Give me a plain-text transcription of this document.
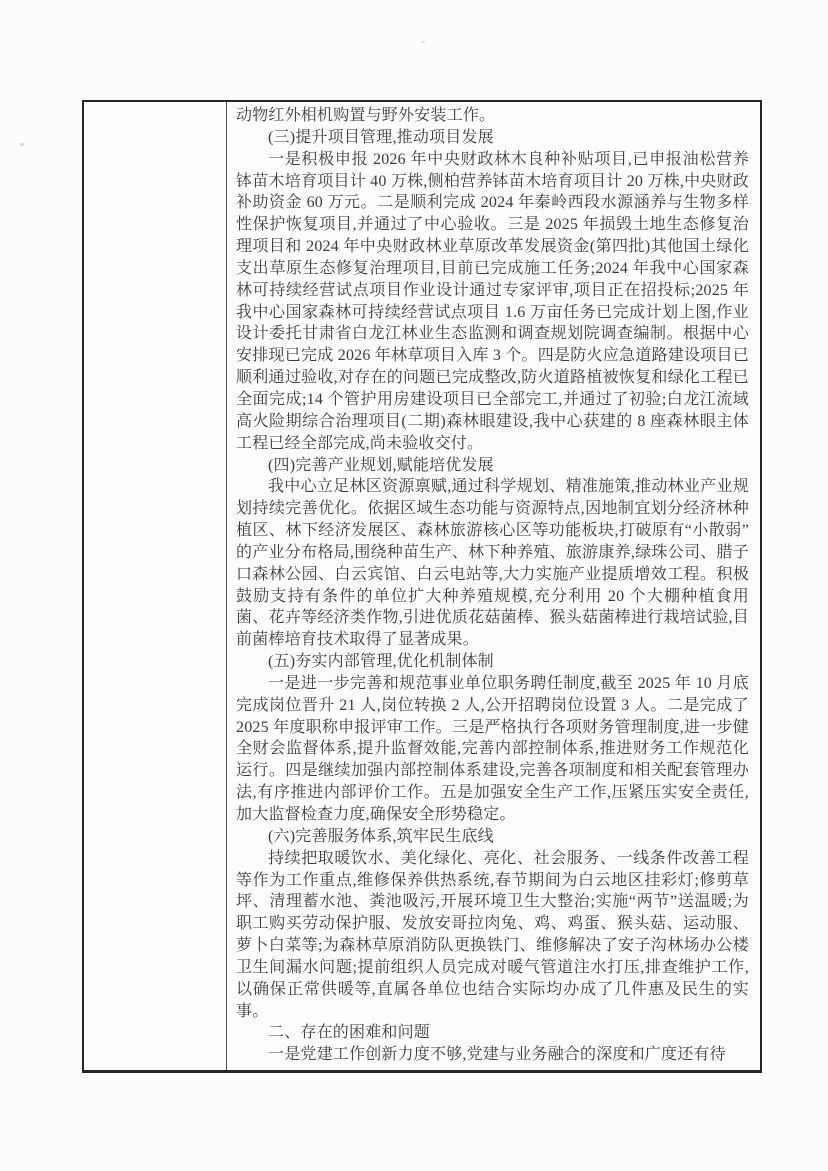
动物红外相机购置与野外安装工作。

(三)提升项目管理,推动项目发展

一是积极申报 2026 年中央财政林木良种补贴项目,已申报油松营养钵苗木培育项目计 40 万株,侧柏营养钵苗木培育项目计 20 万株,中央财政补助资金 60 万元。二是顺利完成 2024 年秦岭西段水源涵养与生物多样性保护恢复项目,并通过了中心验收。三是 2025 年损毁土地生态修复治理项目和 2024 年中央财政林业草原改革发展资金(第四批)其他国土绿化支出草原生态修复治理项目,目前已完成施工任务;2024 年我中心国家森林可持续经营试点项目作业设计通过专家评审,项目正在招投标;2025 年我中心国家森林可持续经营试点项目 1.6 万亩任务已完成计划上图,作业设计委托甘肃省白龙江林业生态监测和调查规划院调查编制。根据中心安排现已完成 2026 年林草项目入库 3 个。四是防火应急道路建设项目已顺利通过验收,对存在的问题已完成整改,防火道路植被恢复和绿化工程已全面完成;14 个管护用房建设项目已全部完工,并通过了初验;白龙江流域高火险期综合治理项目(二期)森林眼建设,我中心获建的 8 座森林眼主体工程已经全部完成,尚未验收交付。

(四)完善产业规划,赋能培优发展

我中心立足林区资源禀赋,通过科学规划、精准施策,推动林业产业规划持续完善优化。依据区域生态功能与资源特点,因地制宜划分经济林种植区、林下经济发展区、森林旅游核心区等功能板块,打破原有“小散弱”的产业分布格局,围绕种苗生产、林下种养殖、旅游康养,绿珠公司、腊子口森林公园、白云宾馆、白云电站等,大力实施产业提质增效工程。积极鼓励支持有条件的单位扩大种养殖规模,充分利用 20 个大棚种植食用菌、花卉等经济类作物,引进优质花菇菌棒、猴头菇菌棒进行栽培试验,目前菌棒培育技术取得了显著成果。

(五)夯实内部管理,优化机制体制

一是进一步完善和规范事业单位职务聘任制度,截至 2025 年 10 月底完成岗位晋升 21 人,岗位转换 2 人,公开招聘岗位设置 3 人。二是完成了 2025 年度职称申报评审工作。三是严格执行各项财务管理制度,进一步健全财会监督体系,提升监督效能,完善内部控制体系,推进财务工作规范化运行。四是继续加强内部控制体系建设,完善各项制度和相关配套管理办法,有序推进内部评价工作。五是加强安全生产工作,压紧压实安全责任,加大监督检查力度,确保安全形势稳定。

(六)完善服务体系,筑牢民生底线

持续把取暖饮水、美化绿化、亮化、社会服务、一线条件改善工程等作为工作重点,维修保养供热系统,春节期间为白云地区挂彩灯;修剪草坪、清理蓄水池、粪池吸污,开展环境卫生大整治;实施“两节”送温暖;为职工购买劳动保护服、发放安哥拉肉兔、鸡、鸡蛋、猴头菇、运动服、萝卜白菜等;为森林草原消防队更换铁门、维修解决了安子沟林场办公楼卫生间漏水问题;提前组织人员完成对暖气管道注水打压,排查维护工作,以确保正常供暖等,直属各单位也结合实际均办成了几件惠及民生的实事。

二、存在的困难和问题

一是党建工作创新力度不够,党建与业务融合的深度和广度还有待
